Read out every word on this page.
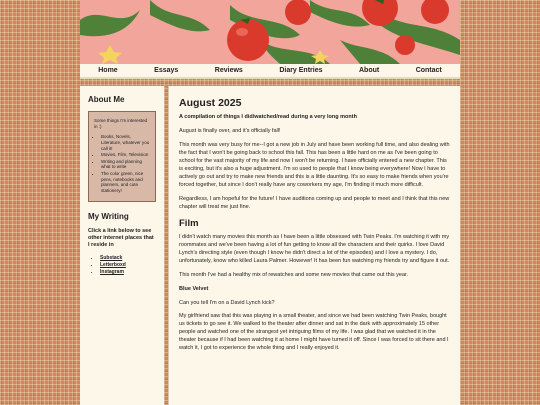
Home	Essays	Reviews	Diary Entries	About	Contact
About Me
Some things I'm interested in :)
• Books, Novels, Literature, whatever you call it!
• Movies, Film, Television
• Writing and planning what to write
• The color green, nice pens, notebooks and planners, and cute stationery!
My Writing
Click a link below to see other internet places that I reside in
• Substack
• Letterboxd
• Instagram
August 2025

A compilation of things I did/watched/read during a very long month

August is finally over, and it's officially fall!

This month was very busy for me--I got a new job in July and have been working full time, and also dealing with the fact that I won't be going back to school this fall. This has been a little hard on me as I've been going to school for the vast majority of my life and now I won't be returning. I have officially entered a new chapter. This is exciting, but it's also a huge adjustment. I'm so used to people that I know being everywhere! Now I have to actively go out and try to make new friends and this is a little daunting. It's so easy to make friends when you're forced together, but since I don't really have any coworkers my age, I'm finding it much more difficult.

Regardless, I am hopeful for the future! I have auditions coming up and people to meet and I think that this new chapter will treat me just fine.

Film

I didn't watch many movies this month as I have been a little obsessed with Twin Peaks. I'm watching it with my roommates and we've been having a lot of fun getting to know all the characters and their quirks. I love David Lynch's directing style (even though I know he didn't direct a lot of the episodes) and I love a mystery. I do, unfortunately, know who killed Laura Palmer. However! It has been fun watching my friends try and figure it out.

This month I've had a healthy mix of rewatches and some new movies that came out this year.

Blue Velvet

Can you tell I'm on a David Lynch kick?

My girlfriend saw that this was playing in a small theater, and since we had been watching Twin Peaks, bought us tickets to go see it. We walked to the theater after dinner and sat in the dark with approximately 15 other people and watched one of the strangest yet intriguing films of my life. I was glad that we watched it in the theater because if I had been watching it at home I might have turned it off. Since I was forced to sit there and I watch it, I got to experience the whole thing and I really enjoyed it.
